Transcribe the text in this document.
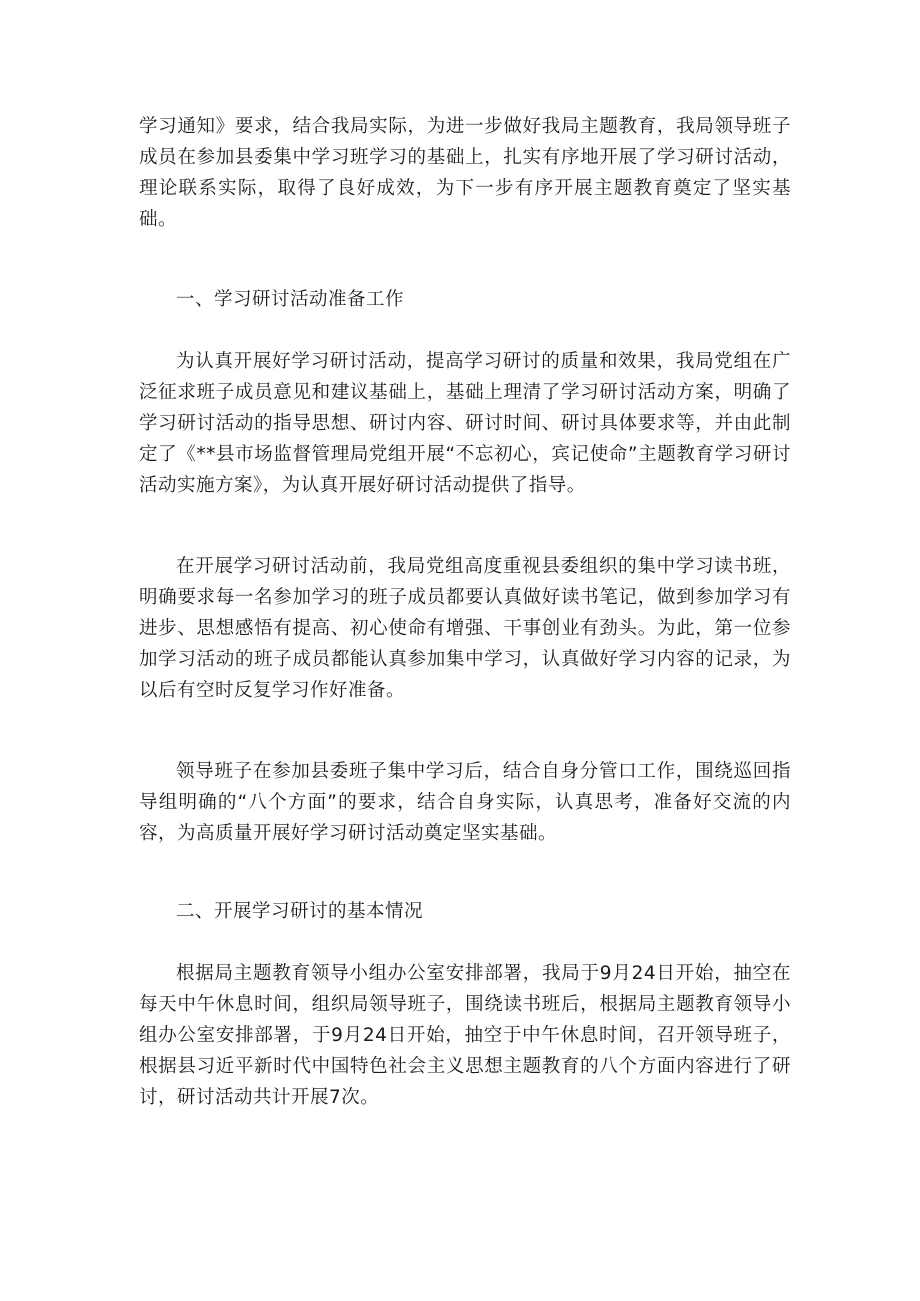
学习通知》要求，结合我局实际，为进一步做好我局主题教育，我局领导班子成员在参加县委集中学习班学习的基础上，扎实有序地开展了学习研讨活动，理论联系实际，取得了良好成效，为下一步有序开展主题教育奠定了坚实基础。

一、学习研讨活动准备工作

为认真开展好学习研讨活动，提高学习研讨的质量和效果，我局党组在广泛征求班子成员意见和建议基础上，基础上理清了学习研讨活动方案，明确了学习研讨活动的指导思想、研讨内容、研讨时间、研讨具体要求等，并由此制定了《**县市场监督管理局党组开展“不忘初心，宾记使命”主题教育学习研讨活动实施方案》，为认真开展好研讨活动提供了指导。

在开展学习研讨活动前，我局党组高度重视县委组织的集中学习读书班，明确要求每一名参加学习的班子成员都要认真做好读书笔记，做到参加学习有进步、思想感悟有提高、初心使命有增强、干事创业有劲头。为此，第一位参加学习活动的班子成员都能认真参加集中学习，认真做好学习内容的记录，为以后有空时反复学习作好准备。

领导班子在参加县委班子集中学习后，结合自身分管口工作，围绕巡回指导组明确的“八个方面”的要求，结合自身实际，认真思考，准备好交流的内容，为高质量开展好学习研讨活动奠定坚实基础。

二、开展学习研讨的基本情况

根据局主题教育领导小组办公室安排部署，我局于9月24日开始，抽空在每天中午休息时间，组织局领导班子，围绕读书班后，根据局主题教育领导小组办公室安排部署，于9月24日开始，抽空于中午休息时间，召开领导班子，根据县习近平新时代中国特色社会主义思想主题教育的八个方面内容进行了研讨，研讨活动共计开展7次。
